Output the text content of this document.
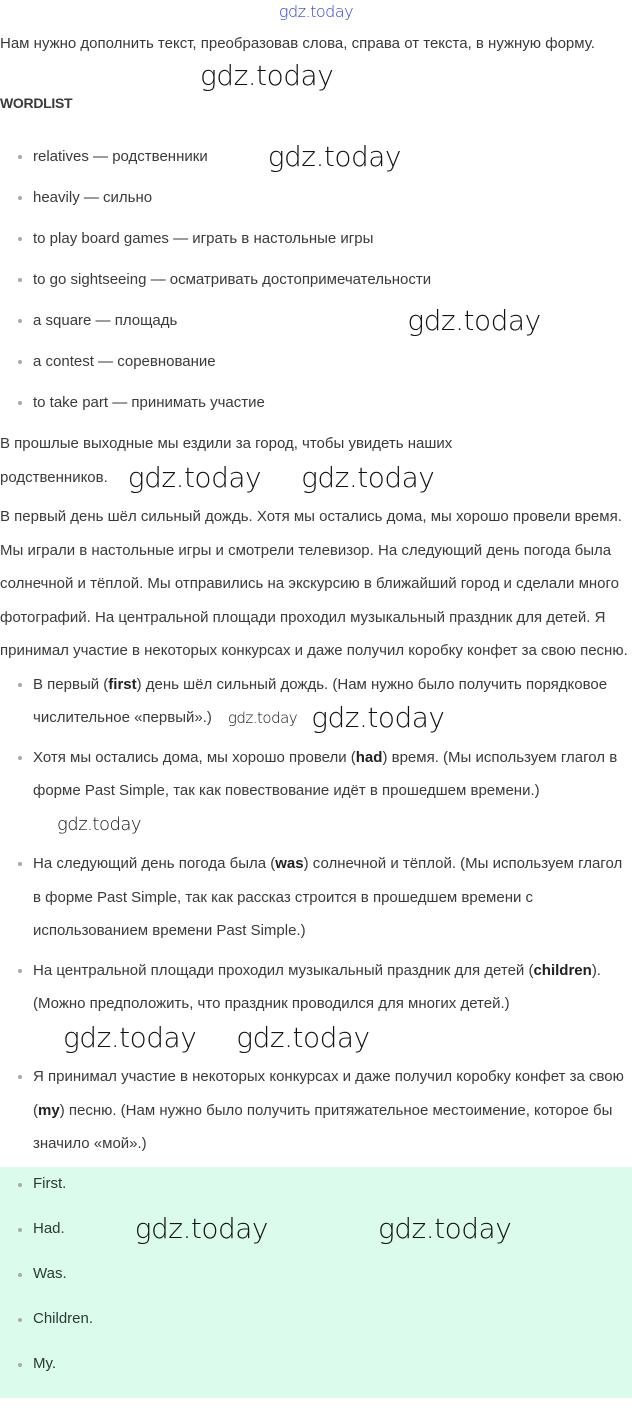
gdz.today

Нам нужно дополнить текст, преобразовав слова, справа от текста, в нужную форму.gdz.today

WORDLIST
relatives — родственники gdz.today
heavily — сильно
to play board games — играть в настольные игры
to go sightseeing — осматривать достопримечательности
a square — площадь	gdz.today
a contest — соревнование
to take part — принимать участие

В прошлые выходные мы ездили за город, чтобы увидеть наших родственников. gdz.today gdz.today

В первый день шёл сильный дождь. Хотя мы остались дома, мы хорошо провели время. Мы играли в настольные игры и смотрели телевизор. На следующий день погода была солнечной и тёплой. Мы отправились на экскурсию в ближайший город и сделали много фотографий. На центральной площади проходил музыкальный праздник для детей. Я принимал участие в некоторых конкурсах и даже получил коробку конфет за свою песню.

В первый (first) день шёл сильный дождь. (Нам нужно было получить порядковое числительное «первый».) gdz.today gdz.today
Хотя мы остались дома, мы хорошо провели (had) время. (Мы используем глагол в форме Past Simple, так как повествование идёт в прошедшем времени.)gdz.today
На следующий день погода была (was) солнечной и тёплой. (Мы используем глагол в форме Past Simple, так как рассказ строится в прошедшем времени с использованием времени Past Simple.)
На центральной площади проходил музыкальный праздник для детей (children). (Можно предположить, что праздник проводился для многих детей.)gdz.today gdz.today
Я принимал участие в некоторых конкурсах и даже получил коробку конфет за свою (my) песню. (Нам нужно было получить притяжательное местоимение, которое бы значило «мой».)
First.
Had.	gdz.today	gdz.today
Was.
Children.
My.
